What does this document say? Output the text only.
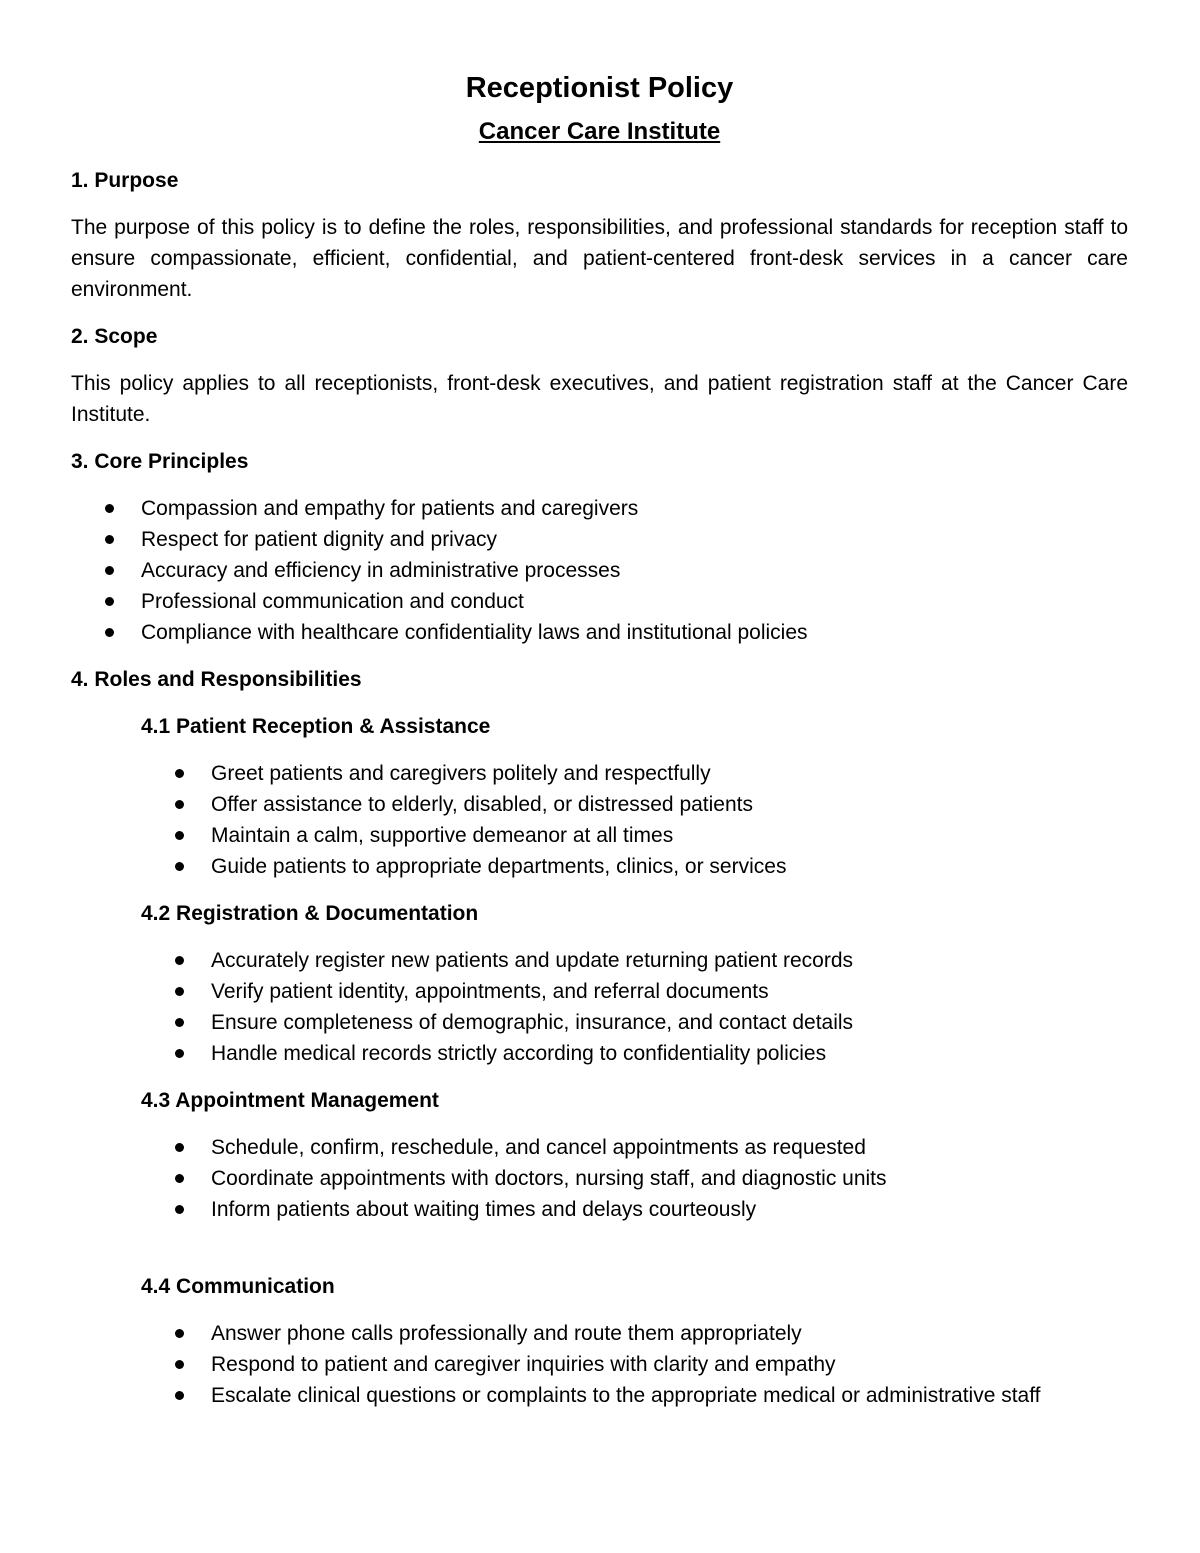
Receptionist Policy
Cancer Care Institute

1. Purpose

The purpose of this policy is to define the roles, responsibilities, and professional standards for reception staff to ensure compassionate, efficient, confidential, and patient-centered front-desk services in a cancer care environment.

2. Scope

This policy applies to all receptionists, front-desk executives, and patient registration staff at the Cancer Care Institute.

3. Core Principles

Compassion and empathy for patients and caregivers
Respect for patient dignity and privacy
Accuracy and efficiency in administrative processes
Professional communication and conduct
Compliance with healthcare confidentiality laws and institutional policies

4. Roles and Responsibilities

4.1 Patient Reception & Assistance

Greet patients and caregivers politely and respectfully
Offer assistance to elderly, disabled, or distressed patients
Maintain a calm, supportive demeanor at all times
Guide patients to appropriate departments, clinics, or services

4.2 Registration & Documentation

Accurately register new patients and update returning patient records
Verify patient identity, appointments, and referral documents
Ensure completeness of demographic, insurance, and contact details
Handle medical records strictly according to confidentiality policies

4.3 Appointment Management

Schedule, confirm, reschedule, and cancel appointments as requested
Coordinate appointments with doctors, nursing staff, and diagnostic units
Inform patients about waiting times and delays courteously

4.4 Communication

Answer phone calls professionally and route them appropriately
Respond to patient and caregiver inquiries with clarity and empathy
Escalate clinical questions or complaints to the appropriate medical or administrative staff
